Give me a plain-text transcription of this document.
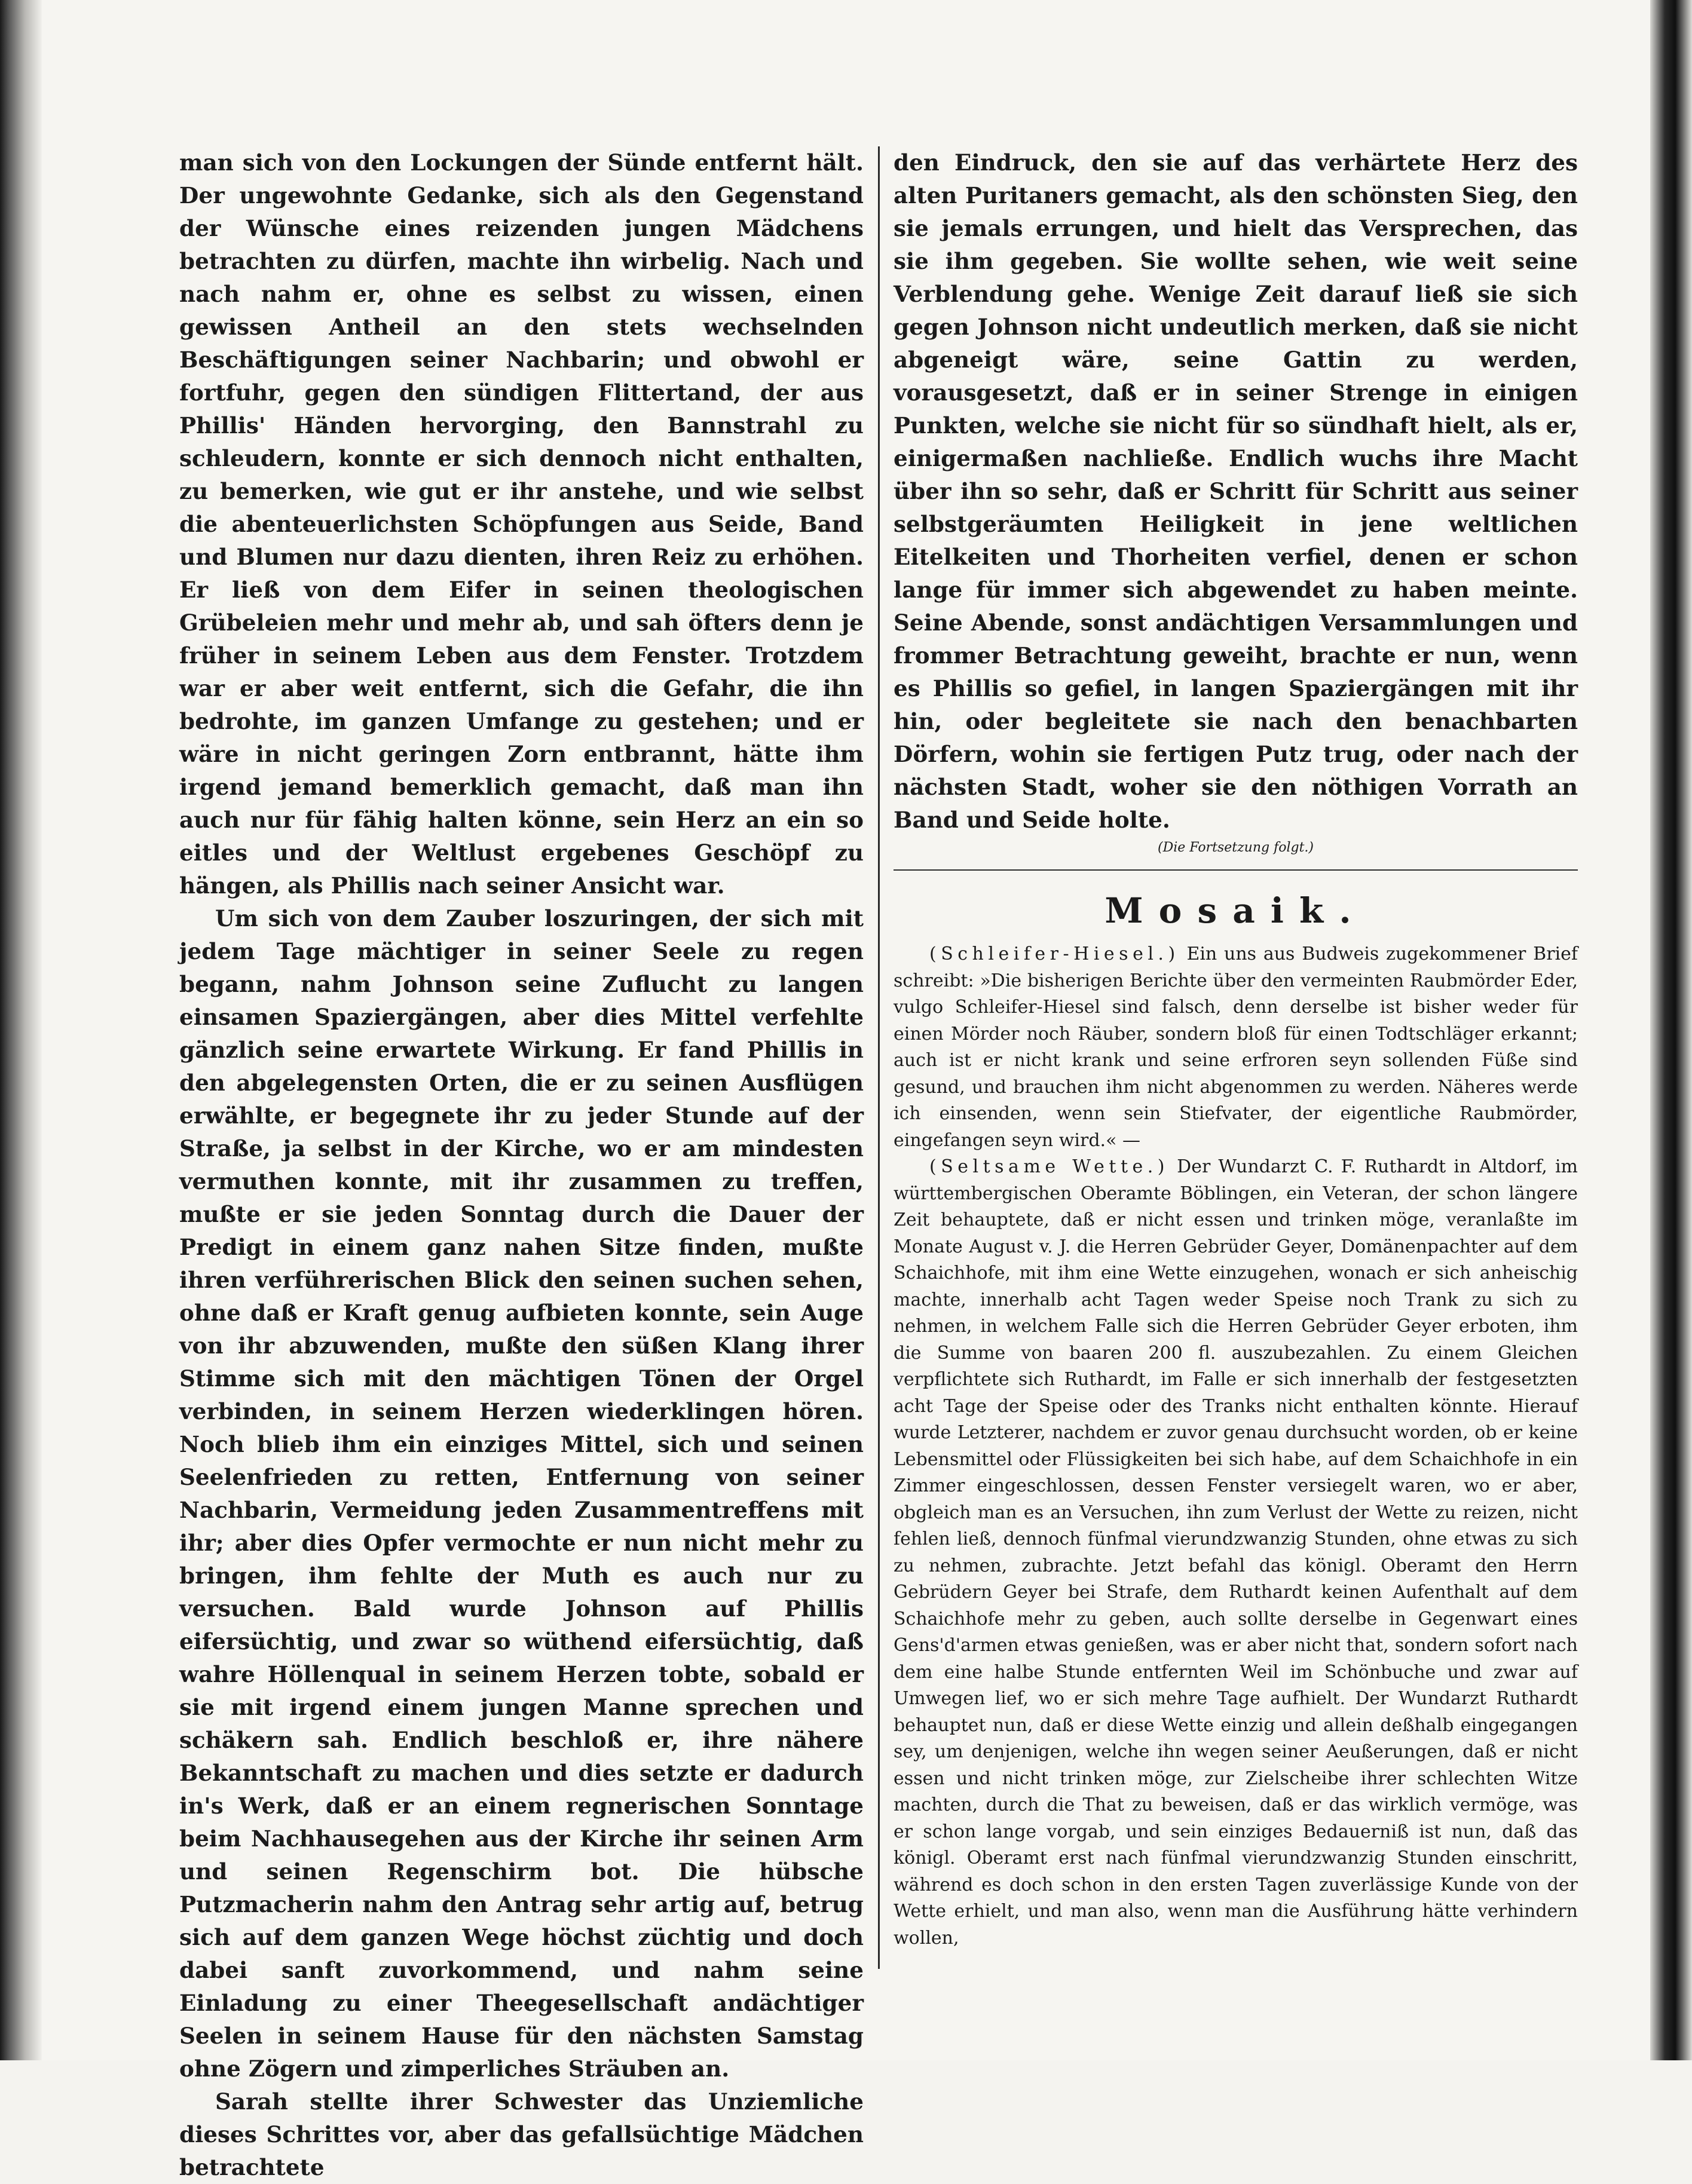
man sich von den Lockungen der Sünde entfernt hält. Der ungewohnte Gedanke, sich als den Gegenstand der Wünsche eines reizenden jungen Mädchens betrachten zu dürfen, machte ihn wirbelig. Nach und nach nahm er, ohne es selbst zu wissen, einen gewissen Antheil an den stets wechselnden Beschäftigungen seiner Nachbarin; und obwohl er fortfuhr, gegen den sündigen Flittertand, der aus Phillis' Händen hervorging, den Bannstrahl zu schleudern, konnte er sich dennoch nicht enthalten, zu bemerken, wie gut er ihr anstehe, und wie selbst die abenteuerlichsten Schöpfungen aus Seide, Band und Blumen nur dazu dienten, ihren Reiz zu erhöhen. Er ließ von dem Eifer in seinen theologischen Grübeleien mehr und mehr ab, und sah öfters denn je früher in seinem Leben aus dem Fenster. Trotzdem war er aber weit entfernt, sich die Gefahr, die ihn bedrohte, im ganzen Umfange zu gestehen; und er wäre in nicht geringen Zorn entbrannt, hätte ihm irgend jemand bemerklich gemacht, daß man ihn auch nur für fähig halten könne, sein Herz an ein so eitles und der Weltlust ergebenes Geschöpf zu hängen, als Phillis nach seiner Ansicht war.

Um sich von dem Zauber loszuringen, der sich mit jedem Tage mächtiger in seiner Seele zu regen begann, nahm Johnson seine Zuflucht zu langen einsamen Spaziergängen, aber dies Mittel verfehlte gänzlich seine erwartete Wirkung. Er fand Phillis in den abgelegensten Orten, die er zu seinen Ausflügen erwählte, er begegnete ihr zu jeder Stunde auf der Straße, ja selbst in der Kirche, wo er am mindesten vermuthen konnte, mit ihr zusammen zu treffen, mußte er sie jeden Sonntag durch die Dauer der Predigt in einem ganz nahen Sitze finden, mußte ihren verführerischen Blick den seinen suchen sehen, ohne daß er Kraft genug aufbieten konnte, sein Auge von ihr abzuwenden, mußte den süßen Klang ihrer Stimme sich mit den mächtigen Tönen der Orgel verbinden, in seinem Herzen wiederklingen hören. Noch blieb ihm ein einziges Mittel, sich und seinen Seelenfrieden zu retten, Entfernung von seiner Nachbarin, Vermeidung jeden Zusammentreffens mit ihr; aber dies Opfer vermochte er nun nicht mehr zu bringen, ihm fehlte der Muth es auch nur zu versuchen. Bald wurde Johnson auf Phillis eifersüchtig, und zwar so wüthend eifersüchtig, daß wahre Höllenqual in seinem Herzen tobte, sobald er sie mit irgend einem jungen Manne sprechen und schäkern sah. Endlich beschloß er, ihre nähere Bekanntschaft zu machen und dies setzte er dadurch in's Werk, daß er an einem regnerischen Sonntage beim Nachhausegehen aus der Kirche ihr seinen Arm und seinen Regenschirm bot. Die hübsche Putzmacherin nahm den Antrag sehr artig auf, betrug sich auf dem ganzen Wege höchst züchtig und doch dabei sanft zuvorkommend, und nahm seine Einladung zu einer Theegesellschaft andächtiger Seelen in seinem Hause für den nächsten Samstag ohne Zögern und zimperliches Sträuben an.

Sarah stellte ihrer Schwester das Unziemliche dieses Schrittes vor, aber das gefallsüchtige Mädchen betrachtete

den Eindruck, den sie auf das verhärtete Herz des alten Puritaners gemacht, als den schönsten Sieg, den sie jemals errungen, und hielt das Versprechen, das sie ihm gegeben. Sie wollte sehen, wie weit seine Verblendung gehe. Wenige Zeit darauf ließ sie sich gegen Johnson nicht undeutlich merken, daß sie nicht abgeneigt wäre, seine Gattin zu werden, vorausgesetzt, daß er in seiner Strenge in einigen Punkten, welche sie nicht für so sündhaft hielt, als er, einigermaßen nachließe. Endlich wuchs ihre Macht über ihn so sehr, daß er Schritt für Schritt aus seiner selbstgeräumten Heiligkeit in jene weltlichen Eitelkeiten und Thorheiten verfiel, denen er schon lange für immer sich abgewendet zu haben meinte. Seine Abende, sonst andächtigen Versammlungen und frommer Betrachtung geweiht, brachte er nun, wenn es Phillis so gefiel, in langen Spaziergängen mit ihr hin, oder begleitete sie nach den benachbarten Dörfern, wohin sie fertigen Putz trug, oder nach der nächsten Stadt, woher sie den nöthigen Vorrath an Band und Seide holte.

(Die Fortsetzung folgt.)
Mosaik.

(Schleifer-Hiesel.) Ein uns aus Budweis zugekommener Brief schreibt: »Die bisherigen Berichte über den vermeinten Raubmörder Eder, vulgo Schleifer-Hiesel sind falsch, denn derselbe ist bisher weder für einen Mörder noch Räuber, sondern bloß für einen Todtschläger erkannt; auch ist er nicht krank und seine erfroren seyn sollenden Füße sind gesund, und brauchen ihm nicht abgenommen zu werden. Näheres werde ich einsenden, wenn sein Stiefvater, der eigentliche Raubmörder, eingefangen seyn wird.« —

(Seltsame Wette.) Der Wundarzt C. F. Ruthardt in Altdorf, im württembergischen Oberamte Böblingen, ein Veteran, der schon längere Zeit behauptete, daß er nicht essen und trinken möge, veranlaßte im Monate August v. J. die Herren Gebrüder Geyer, Domänenpachter auf dem Schaichhofe, mit ihm eine Wette einzugehen, wonach er sich anheischig machte, innerhalb acht Tagen weder Speise noch Trank zu sich zu nehmen, in welchem Falle sich die Herren Gebrüder Geyer erboten, ihm die Summe von baaren 200 fl. auszubezahlen. Zu einem Gleichen verpflichtete sich Ruthardt, im Falle er sich innerhalb der festgesetzten acht Tage der Speise oder des Tranks nicht enthalten könnte. Hierauf wurde Letzterer, nachdem er zuvor genau durchsucht worden, ob er keine Lebensmittel oder Flüssigkeiten bei sich habe, auf dem Schaichhofe in ein Zimmer eingeschlossen, dessen Fenster versiegelt waren, wo er aber, obgleich man es an Versuchen, ihn zum Verlust der Wette zu reizen, nicht fehlen ließ, dennoch fünfmal vierundzwanzig Stunden, ohne etwas zu sich zu nehmen, zubrachte. Jetzt befahl das königl. Oberamt den Herrn Gebrüdern Geyer bei Strafe, dem Ruthardt keinen Aufenthalt auf dem Schaichhofe mehr zu geben, auch sollte derselbe in Gegenwart eines Gens'd'armen etwas genießen, was er aber nicht that, sondern sofort nach dem eine halbe Stunde entfernten Weil im Schönbuche und zwar auf Umwegen lief, wo er sich mehre Tage aufhielt. Der Wundarzt Ruthardt behauptet nun, daß er diese Wette einzig und allein deßhalb eingegangen sey, um denjenigen, welche ihn wegen seiner Aeußerungen, daß er nicht essen und nicht trinken möge, zur Zielscheibe ihrer schlechten Witze machten, durch die That zu beweisen, daß er das wirklich vermöge, was er schon lange vorgab, und sein einziges Bedauerniß ist nun, daß das königl. Oberamt erst nach fünfmal vierundzwanzig Stunden einschritt, während es doch schon in den ersten Tagen zuverlässige Kunde von der Wette erhielt, und man also, wenn man die Ausführung hätte verhindern wollen,
